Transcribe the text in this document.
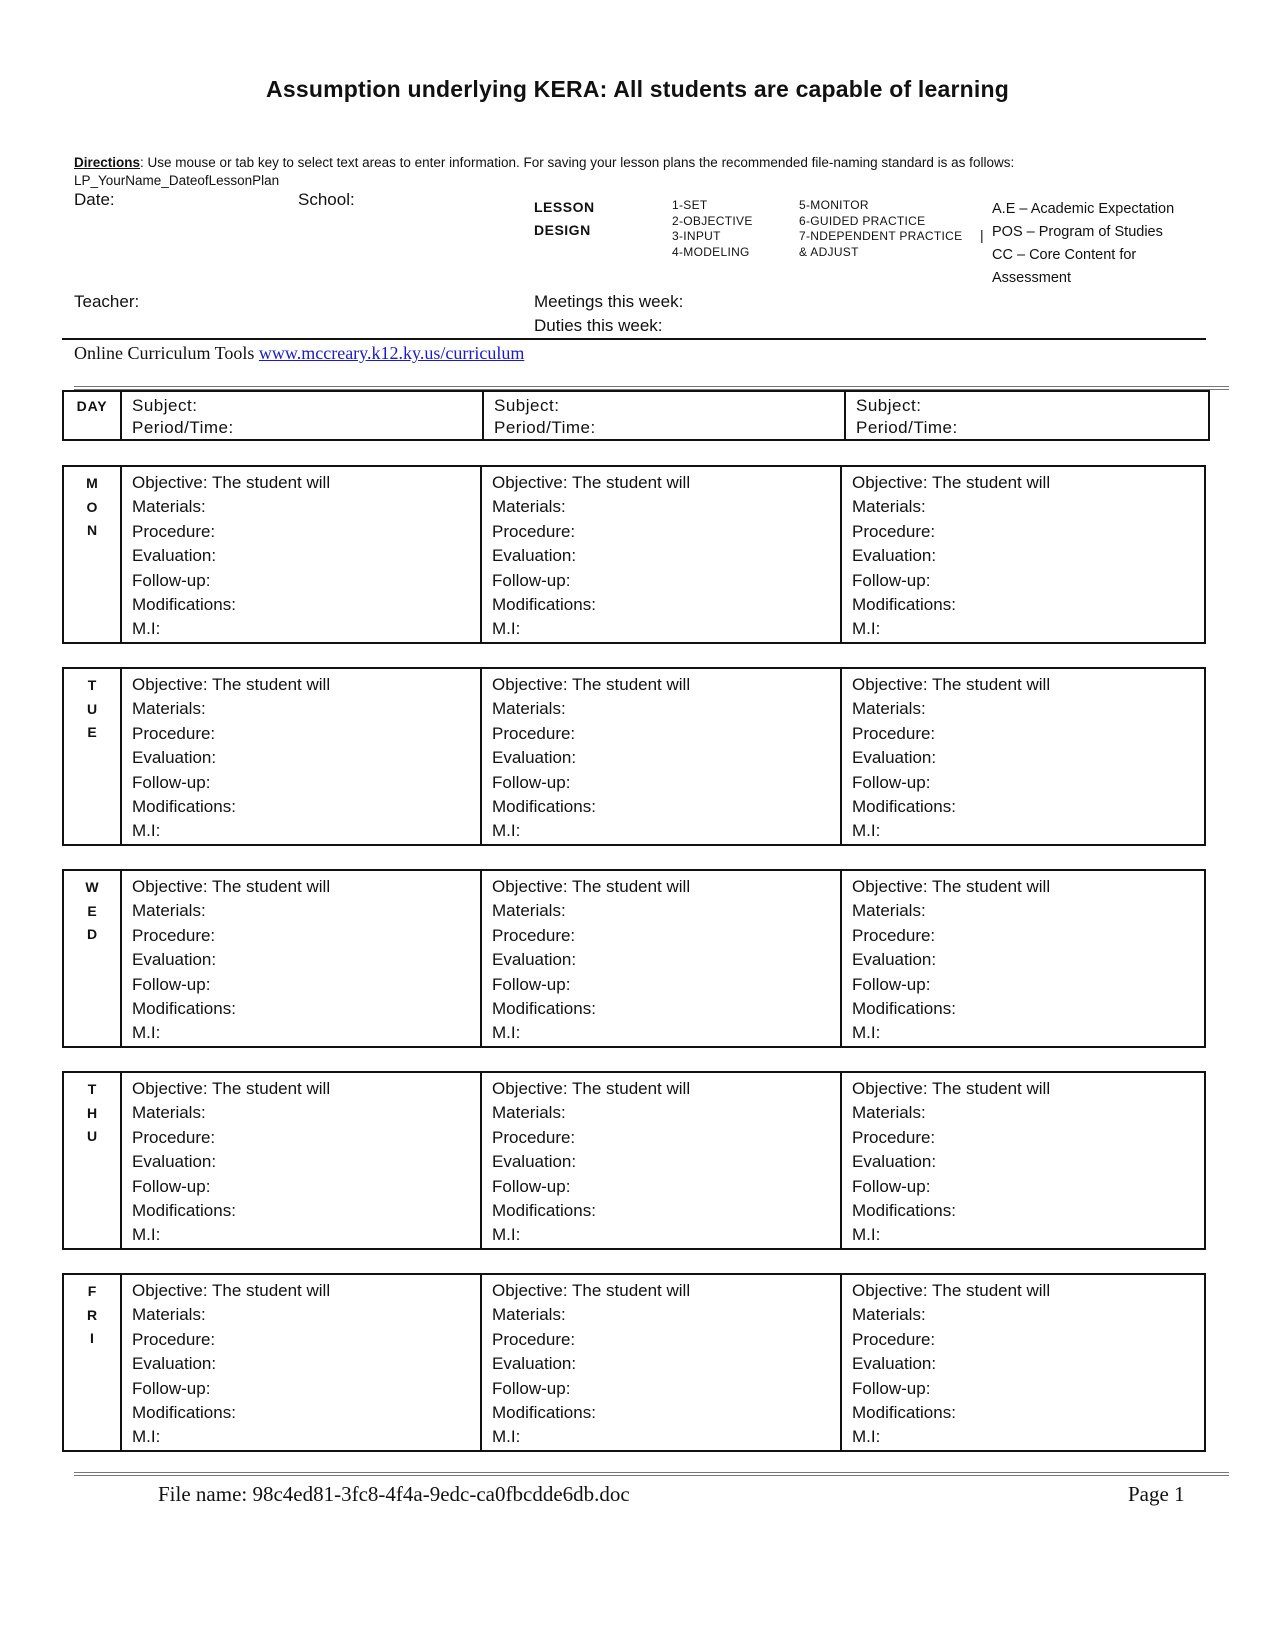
Assumption underlying KERA: All students are capable of learning
Directions: Use mouse or tab key to select text areas to enter information. For saving your lesson plans the recommended file-naming standard is as follows:
LP_YourName_DateofLessonPlan
Date:	School:	LESSON
DESIGN
1-SET
2-OBJECTIVE
3-INPUT
4-MODELING
5-MONITOR
6-GUIDED PRACTICE
7-NDEPENDENT PRACTICE
& ADJUST
|
A.E – Academic Expectation
POS – Program of Studies
CC – Core Content for
Assessment
Teacher:	Meetings this week:
Duties this week:
Online Curriculum Tools www.mccreary.k12.ky.us/curriculum
DAY	Subject:
Period/Time:

Subject:
Period/Time:

Subject:
Period/Time:
M
O
N

Objective: The student will
Materials:
Procedure:
Evaluation:
Follow-up:
Modifications:
M.I:

Objective: The student will
Materials:
Procedure:
Evaluation:
Follow-up:
Modifications:
M.I:

Objective: The student will
Materials:
Procedure:
Evaluation:
Follow-up:
Modifications:
M.I:
T
U
E

Objective: The student will
Materials:
Procedure:
Evaluation:
Follow-up:
Modifications:
M.I:

Objective: The student will
Materials:
Procedure:
Evaluation:
Follow-up:
Modifications:
M.I:

Objective: The student will
Materials:
Procedure:
Evaluation:
Follow-up:
Modifications:
M.I:
W
E
D

Objective: The student will
Materials:
Procedure:
Evaluation:
Follow-up:
Modifications:
M.I:

Objective: The student will
Materials:
Procedure:
Evaluation:
Follow-up:
Modifications:
M.I:

Objective: The student will
Materials:
Procedure:
Evaluation:
Follow-up:
Modifications:
M.I:
T
H
U

Objective: The student will
Materials:
Procedure:
Evaluation:
Follow-up:
Modifications:
M.I:

Objective: The student will
Materials:
Procedure:
Evaluation:
Follow-up:
Modifications:
M.I:

Objective: The student will
Materials:
Procedure:
Evaluation:
Follow-up:
Modifications:
M.I:
F
R
I

Objective: The student will
Materials:
Procedure:
Evaluation:
Follow-up:
Modifications:
M.I:

Objective: The student will
Materials:
Procedure:
Evaluation:
Follow-up:
Modifications:
M.I:

Objective: The student will
Materials:
Procedure:
Evaluation:
Follow-up:
Modifications:
M.I:
File name: 98c4ed81-3fc8-4f4a-9edc-ca0fbcdde6db.doc	Page 1
